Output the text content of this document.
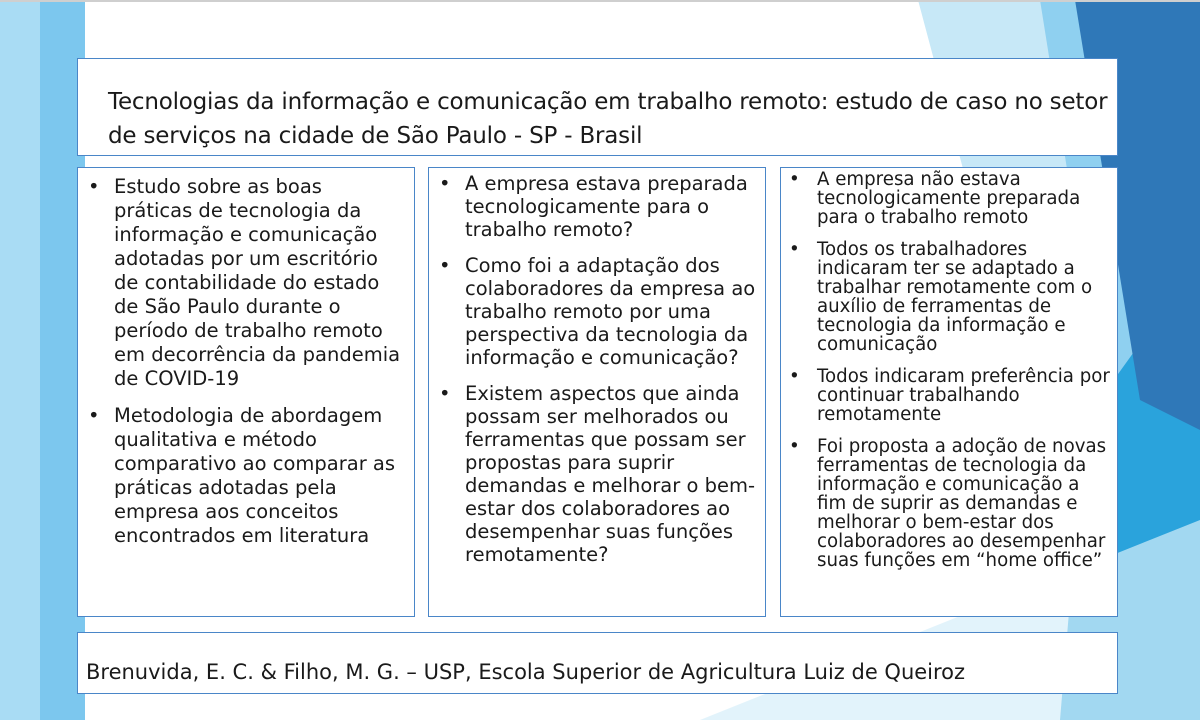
Tecnologias da informação e comunicação em trabalho remoto: estudo de caso no setor de serviços na cidade de São Paulo - SP - Brasil
• Estudo sobre as boas práticas de tecnologia da informação e comunicação adotadas por um escritório de contabilidade do estado de São Paulo durante o período de trabalho remoto em decorrência da pandemia de COVID-19
• Metodologia de abordagem qualitativa e método comparativo ao comparar as práticas adotadas pela empresa aos conceitos encontrados em literatura
• A empresa estava preparada tecnologicamente para o trabalho remoto?
• Como foi a adaptação dos colaboradores da empresa ao trabalho remoto por uma perspectiva da tecnologia da informação e comunicação?
• Existem aspectos que ainda possam ser melhorados ou ferramentas que possam ser propostas para suprir demandas e melhorar o bem-estar dos colaboradores ao desempenhar suas funções remotamente?
• A empresa não estava tecnologicamente preparada para o trabalho remoto
• Todos os trabalhadores indicaram ter se adaptado a trabalhar remotamente com o auxílio de ferramentas de tecnologia da informação e comunicação
• Todos indicaram preferência por continuar trabalhando remotamente
• Foi proposta a adoção de novas ferramentas de tecnologia da informação e comunicação a fim de suprir as demandas e melhorar o bem-estar dos colaboradores ao desempenhar suas funções em “home office”
Brenuvida, E. C. & Filho, M. G. – USP, Escola Superior de Agricultura Luiz de Queiroz
